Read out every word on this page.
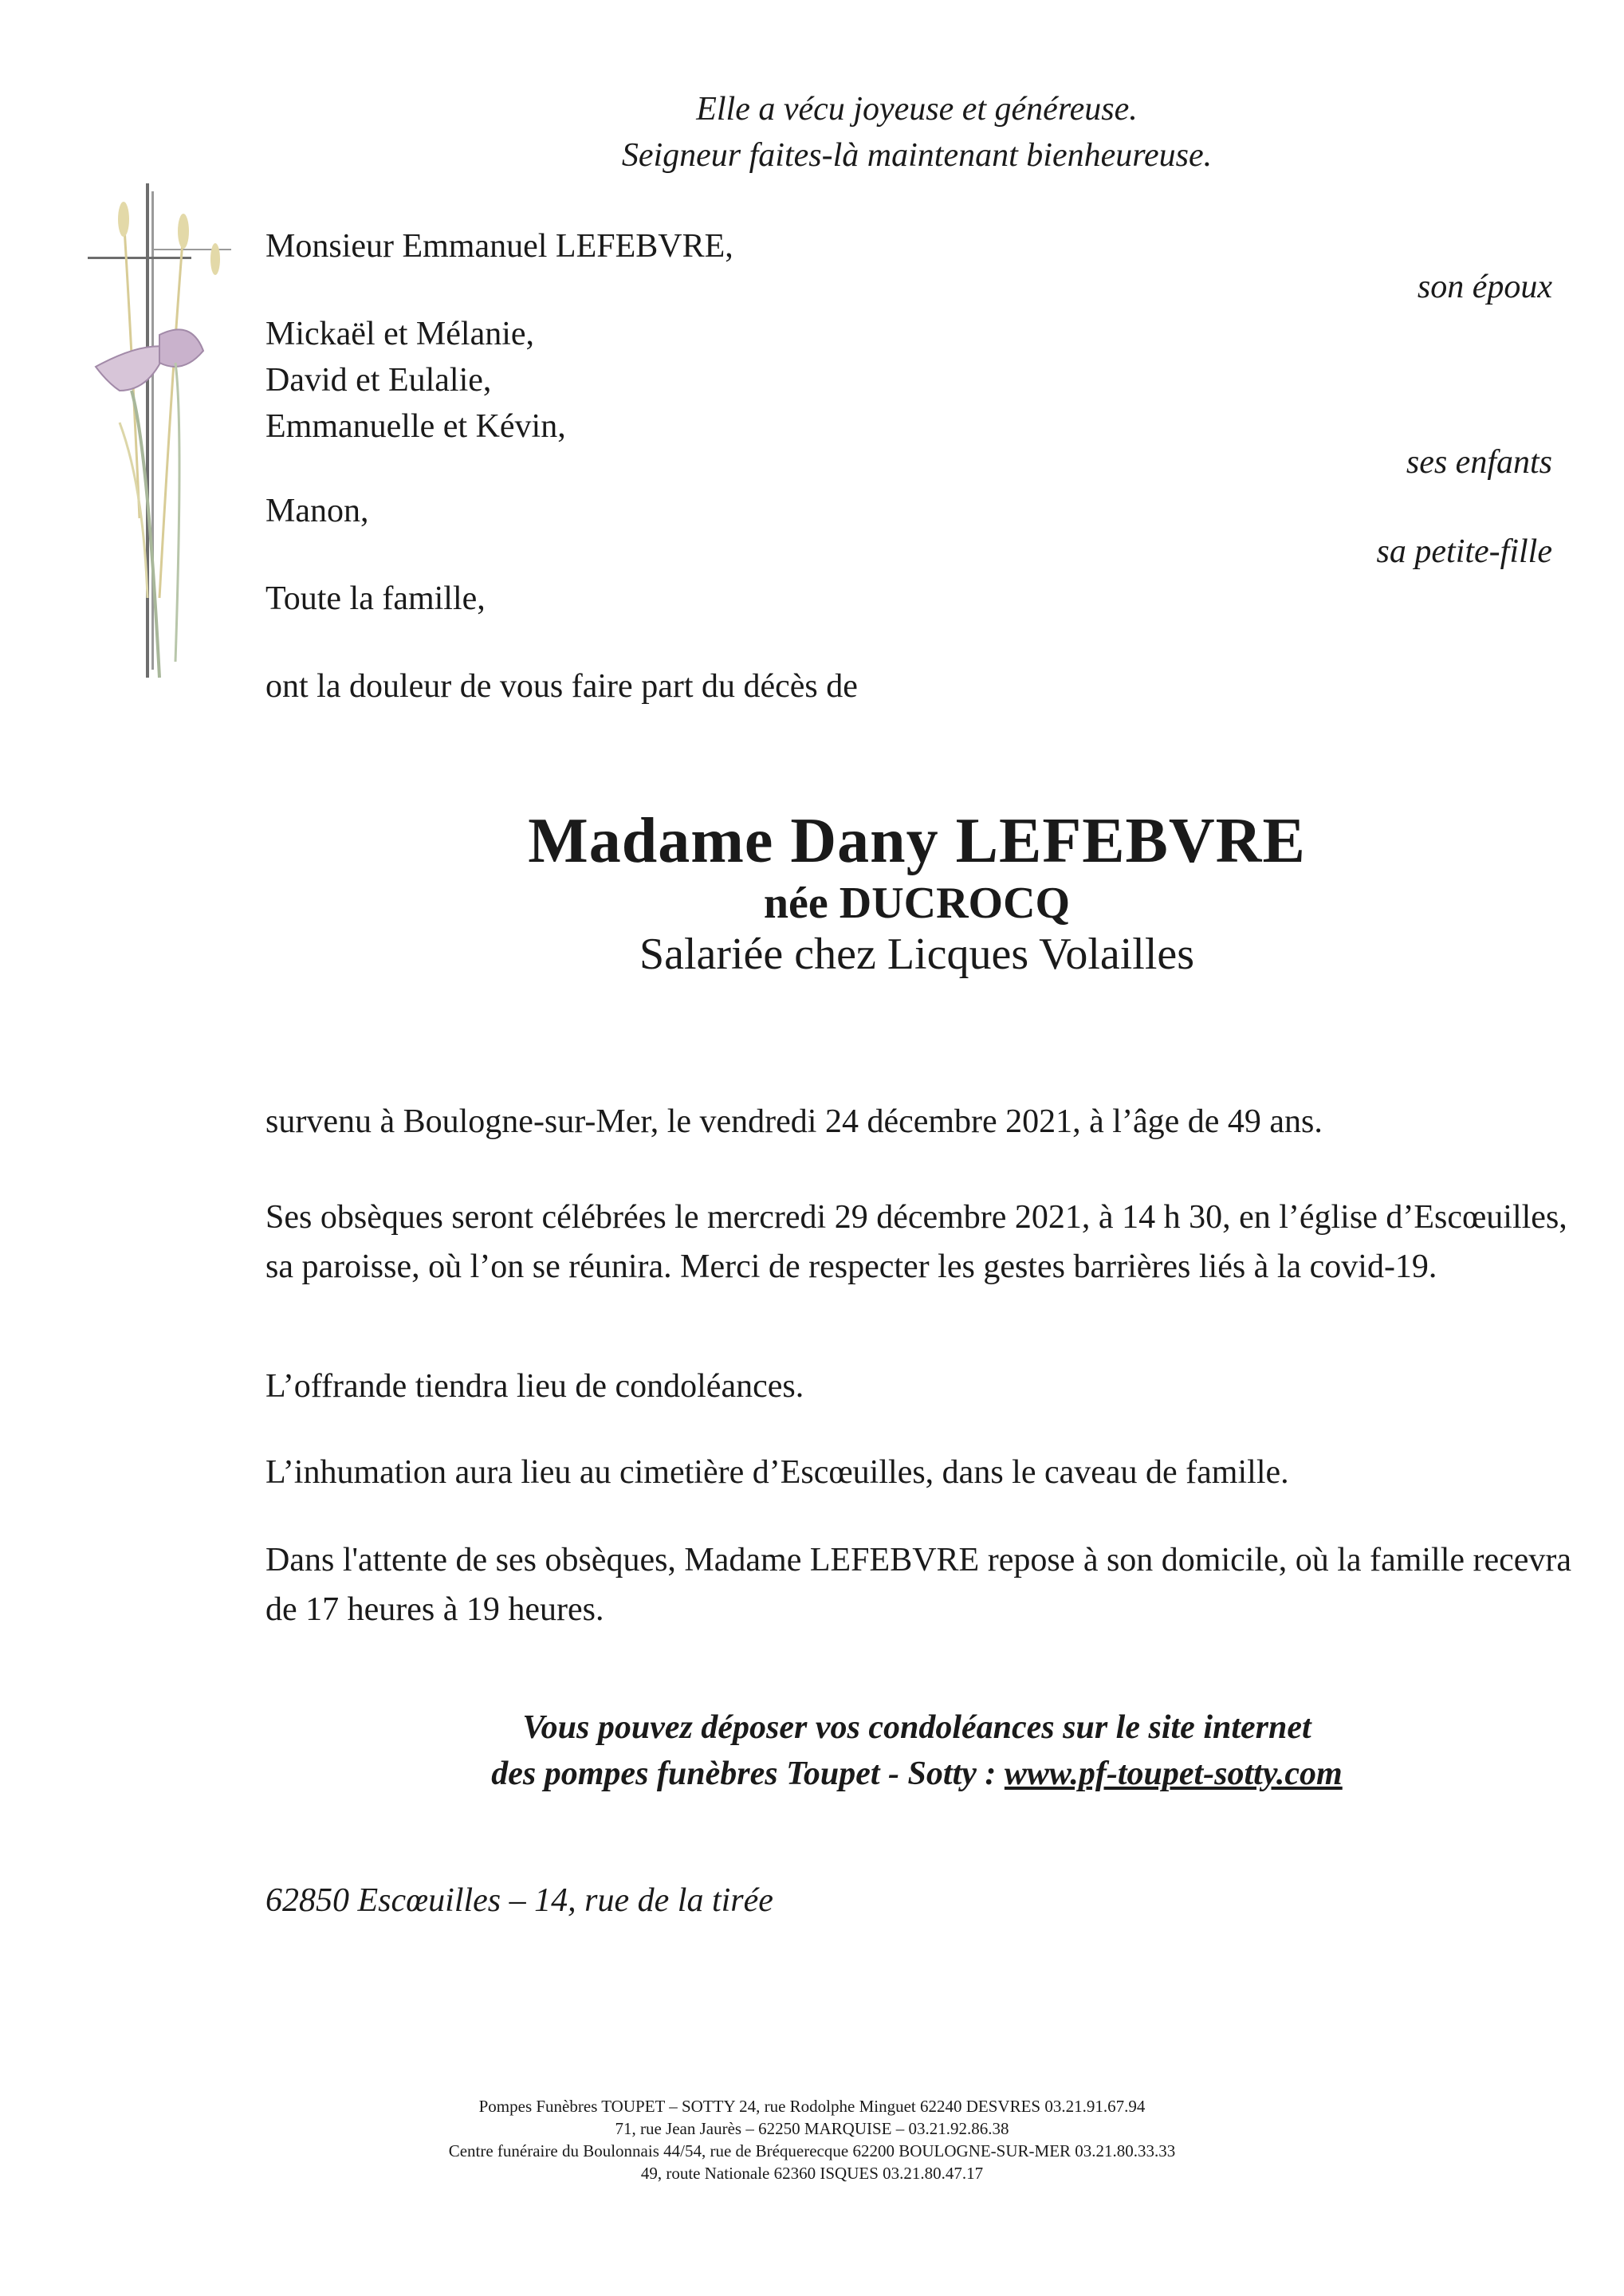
Elle a vécu joyeuse et généreuse.
Seigneur faites-là maintenant bienheureuse.
Monsieur Emmanuel LEFEBVRE,
son époux
Mickaël et Mélanie,
David et Eulalie,
Emmanuelle et Kévin,
ses enfants
Manon,
sa petite-fille
Toute la famille,
ont la douleur de vous faire part du décès de
Madame Dany LEFEBVRE
née DUCROCQ
Salariée chez Licques Volailles
survenu à Boulogne-sur-Mer, le vendredi 24 décembre 2021, à l’âge de 49 ans.
Ses obsèques seront célébrées le mercredi 29 décembre 2021, à 14 h 30, en l’église d’Escœuilles, sa paroisse, où l’on se réunira. Merci de respecter les gestes barrières liés à la covid-19.
L’offrande tiendra lieu de condoléances.
L’inhumation aura lieu au cimetière d’Escœuilles, dans le caveau de famille.
Dans l'attente de ses obsèques, Madame LEFEBVRE repose à son domicile, où la famille recevra de 17 heures à 19 heures.
Vous pouvez déposer vos condoléances sur le site internet
des pompes funèbres Toupet - Sotty : www.pf-toupet-sotty.com
62850 Escœuilles – 14, rue de la tirée
Pompes Funèbres TOUPET – SOTTY 24, rue Rodolphe Minguet 62240 DESVRES 03.21.91.67.94
71, rue Jean Jaurès – 62250 MARQUISE – 03.21.92.86.38
Centre funéraire du Boulonnais 44/54, rue de Bréquerecque 62200 BOULOGNE-SUR-MER 03.21.80.33.33
49, route Nationale 62360 ISQUES 03.21.80.47.17
